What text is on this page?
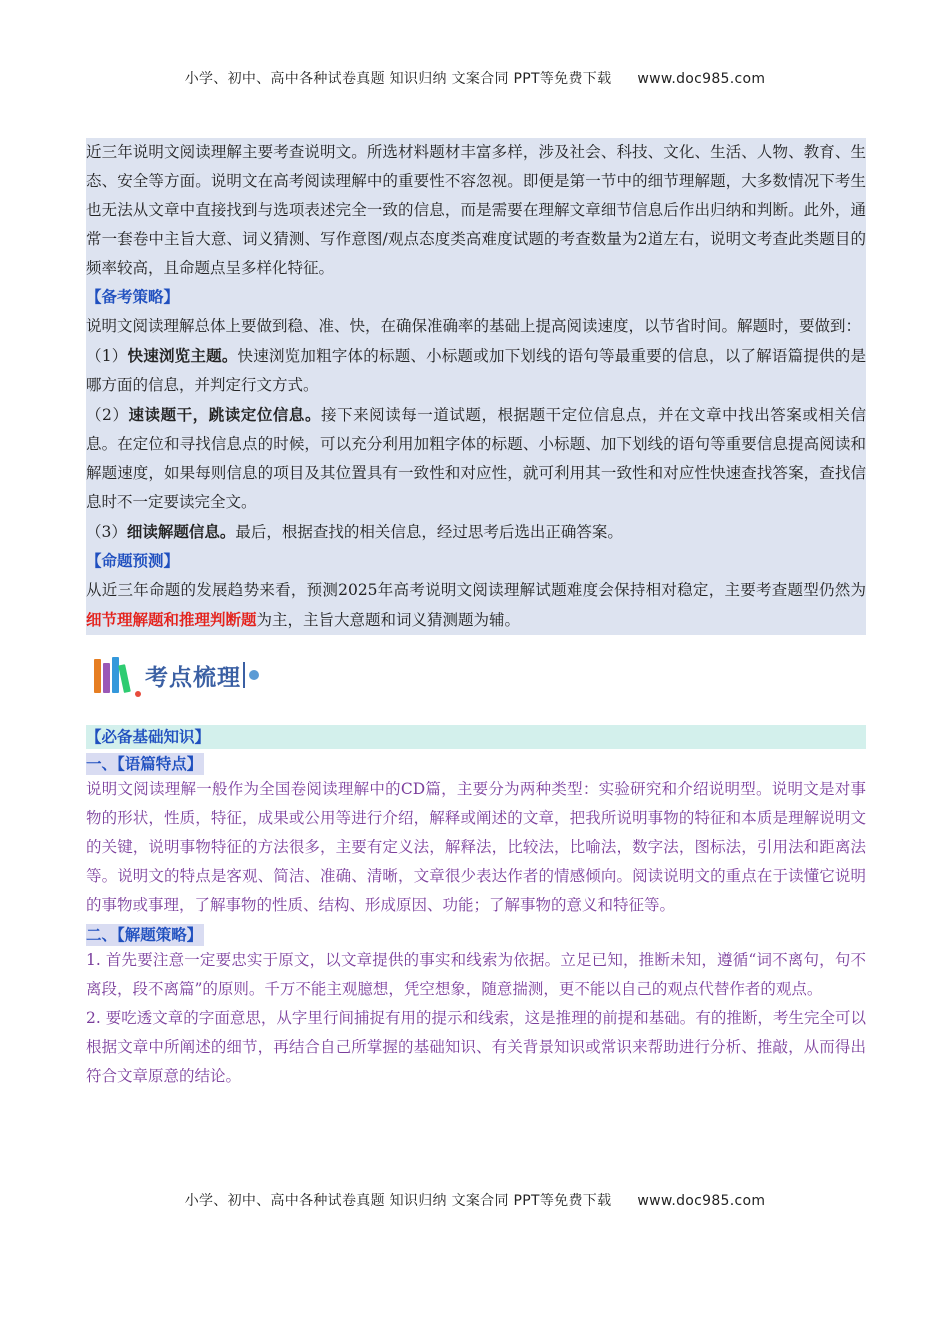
小学、初中、高中各种试卷真题 知识归纳 文案合同 PPT等免费下载 www.doc985.com

近三年说明文阅读理解主要考查说明文。所选材料题材丰富多样，涉及社会、科技、文化、生活、人物、教育、生态、安全等方面。说明文在高考阅读理解中的重要性不容忽视。即便是第一节中的细节理解题，大多数情况下考生也无法从文章中直接找到与选项表述完全一致的信息，而是需要在理解文章细节信息后作出归纳和判断。此外，通常一套卷中主旨大意、词义猜测、写作意图/观点态度类高难度试题的考查数量为2道左右，说明文考查此类题目的频率较高，且命题点呈多样化特征。

【备考策略】

说明文阅读理解总体上要做到稳、准、快，在确保准确率的基础上提高阅读速度，以节省时间。解题时，要做到：

（1）快速浏览主题。快速浏览加粗字体的标题、小标题或加下划线的语句等最重要的信息，以了解语篇提供的是哪方面的信息，并判定行文方式。

（2）速读题干，跳读定位信息。接下来阅读每一道试题，根据题干定位信息点，并在文章中找出答案或相关信息。在定位和寻找信息点的时候，可以充分利用加粗字体的标题、小标题、加下划线的语句等重要信息提高阅读和解题速度，如果每则信息的项目及其位置具有一致性和对应性，就可利用其一致性和对应性快速查找答案，查找信息时不一定要读完全文。

（3）细读解题信息。最后，根据查找的相关信息，经过思考后选出正确答案。

【命题预测】

从近三年命题的发展趋势来看，预测2025年高考说明文阅读理解试题难度会保持相对稳定，主要考查题型仍然为细节理解题和推理判断题为主，主旨大意题和词义猜测题为辅。

考点梳理
【必备基础知识】
一、【语篇特点】

说明文阅读理解一般作为全国卷阅读理解中的CD篇，主要分为两种类型：实验研究和介绍说明型。说明文是对事物的形状，性质，特征，成果或公用等进行介绍，解释或阐述的文章，把我所说明事物的特征和本质是理解说明文的关键，说明事物特征的方法很多，主要有定义法，解释法，比较法，比喻法，数字法，图标法，引用法和距离法等。说明文的特点是客观、简洁、准确、清晰，文章很少表达作者的情感倾向。阅读说明文的重点在于读懂它说明的事物或事理，了解事物的性质、结构、形成原因、功能；了解事物的意义和特征等。

二、【解题策略】

1. 首先要注意一定要忠实于原文，以文章提供的事实和线索为依据。立足已知，推断未知，遵循“词不离句，句不离段，段不离篇”的原则。千万不能主观臆想，凭空想象，随意揣测，更不能以自己的观点代替作者的观点。

2. 要吃透文章的字面意思，从字里行间捕捉有用的提示和线索，这是推理的前提和基础。有的推断，考生完全可以根据文章中所阐述的细节，再结合自己所掌握的基础知识、有关背景知识或常识来帮助进行分析、推敲，从而得出符合文章原意的结论。

小学、初中、高中各种试卷真题 知识归纳 文案合同 PPT等免费下载 www.doc985.com
